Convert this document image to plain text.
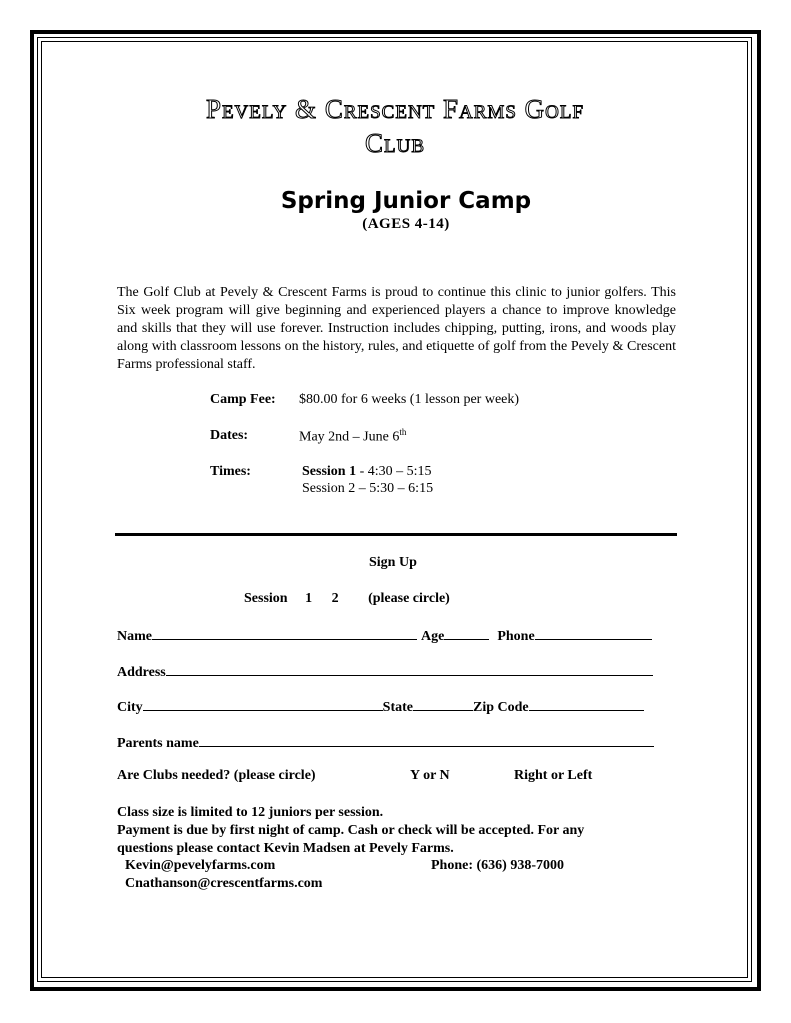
Pevely & Crescent Farms Golf
Club
Spring Junior Camp
(AGES 4-14)
The Golf Club at Pevely & Crescent Farms is proud to continue this clinic to junior golfers. This Six week program will give beginning and experienced players a chance to improve knowledge and skills that they will use forever. Instruction includes chipping, putting, irons, and woods play along with classroom lessons on the history, rules, and etiquette of golf from the Pevely & Crescent Farms professional staff.
Camp Fee: $80.00 for 6 weeks (1 lesson per week)
Dates:	May 2nd – June 6th
Times:	Session 1 - 4:30 – 5:15
Session 2 – 5:30 – 6:15
Sign Up
Session 1 2 (please circle)
Name	Age	Phone
Address
City	State	Zip Code
Parents name
Are Clubs needed? (please circle)	Y or N	Right or Left
Class size is limited to 12 juniors per session.
Payment is due by first night of camp. Cash or check will be accepted. For any
questions please contact Kevin Madsen at Pevely Farms.
Kevin@pevelyfarms.com	Phone: (636) 938-7000
Cnathanson@crescentfarms.com
